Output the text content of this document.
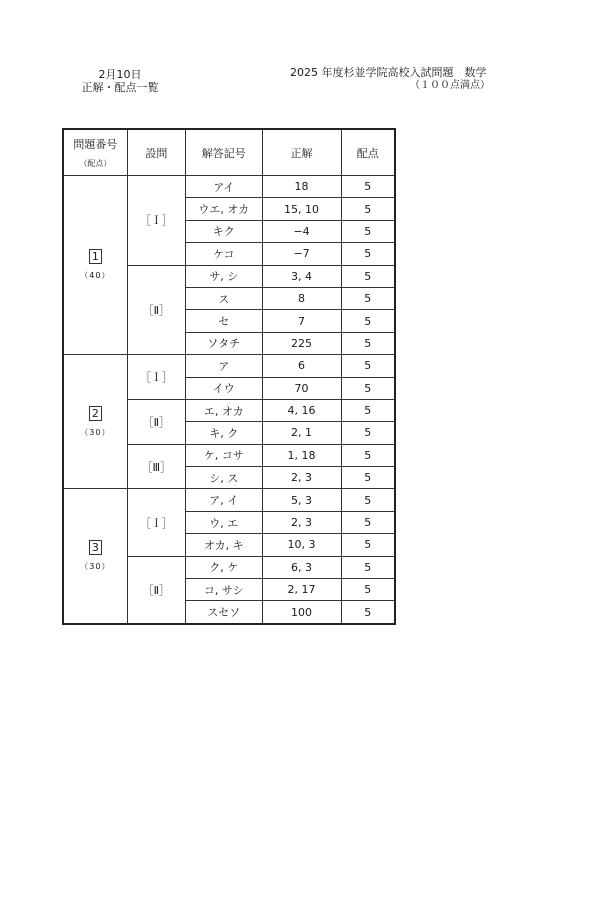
2月10日
正解・配点一覧
2025 年度杉並学院高校入試問題　数学
（１００点満点）
問題番号
（配点）	設問	解答記号	正解	配点
1
（40）	［Ｉ］	アイ	18	5
		ウエ, オカ	15, 10	5
		キク	−4	5
		ケコ	−7	5
	［Ⅱ］	サ, シ	3, 4	5
		ス	8	5
		セ	7	5
		ソタチ	225	5
2
（30）	［Ｉ］	ア	6	5
		イウ	70	5
	［Ⅱ］	エ, オカ	4, 16	5
		キ, ク	2, 1	5
	［Ⅲ］	ケ, コサ	1, 18	5
		シ, ス	2, 3	5
3
（30）	［Ｉ］	ア, イ	5, 3	5
		ウ, エ	2, 3	5
		オカ, キ	10, 3	5
	［Ⅱ］	ク, ケ	6, 3	5
		コ, サシ	2, 17	5
		スセソ	100	5
